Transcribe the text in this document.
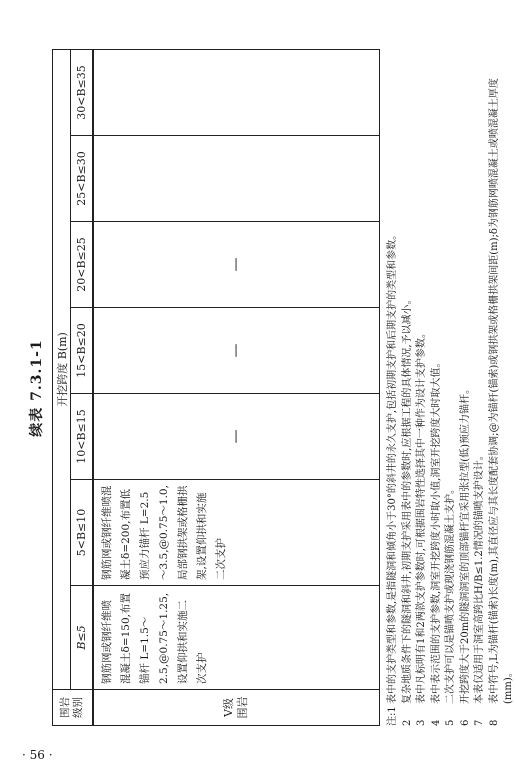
· 56 ·
续表 7.3.1-1
围岩
级别	开挖跨度 B(m)						
	B≤5	5<B≤10	10<B≤15	15<B≤20	20<B≤25	25<B≤30	30<B≤35
Ⅴ级
围岩	钢筋网或钢纤维喷混凝土δ=150,布置锚杆 L=1.5～2.5,@0.75～1.25,设置仰拱和实施二次支护	钢筋网或钢纤维喷混凝土δ=200,布置低预应力锚杆 L=2.5～3.5,@0.75～1.0,局部钢拱架或格栅拱架,设置仰拱和实施二次支护	—	—	—		
注:1
表中的支护类型和参数,是指隧洞和倾角小于30°的斜井的永久支护,包括初期支护和后期支护的类型和参数。
2
复杂地质条件下的隧洞和斜井,初期支护采用表中的参数时,应根据工程的具体情况,予以减小。
3
表中凡标明有1和2两款支护参数时,可根据围岩特性选择其中一种作为设计支护参数。
4
表中表示范围的支护参数,洞室开挖跨度小时取小值,洞室开挖跨度大时取大值。
5
二次支护可以是锚喷支护或现浇钢筋混凝土支护。
6
开挖跨度大于20m的隧洞洞室的顶部锚杆宜采用张拉型(低)预应力锚杆。
7
本表仅适用于洞室高跨比H/B≤1.2情况的锚喷支护设计。
8
表中符号,L为锚杆(锚索)长度(m),其直径应与其长度配套协调;@为锚杆(锚索)或钢拱架或格栅拱架间距(m);δ为钢筋网喷混凝土或喷混凝土厚度(mm)。
